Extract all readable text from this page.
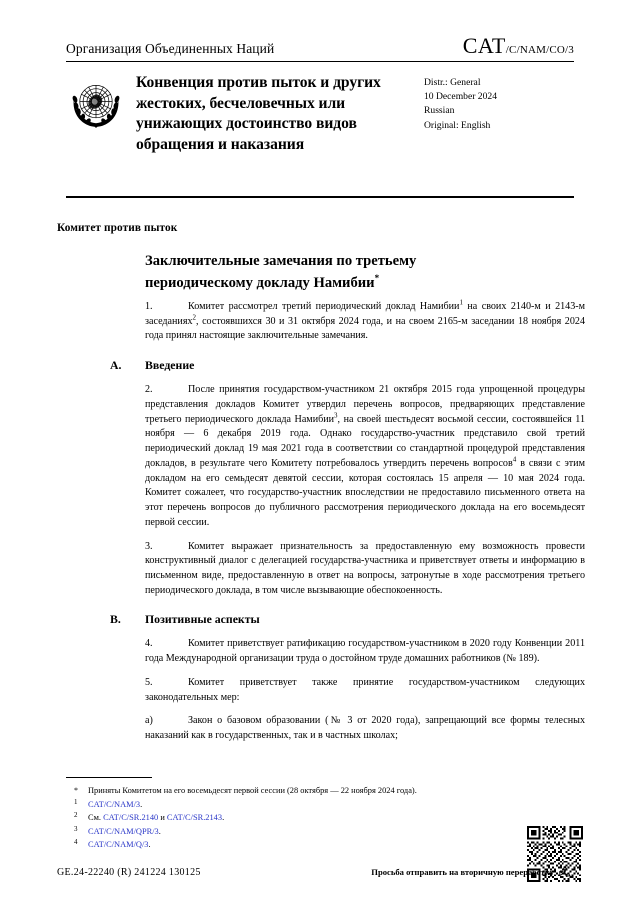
Организация Объединенных Наций	CAT/C/NAM/CO/3
Конвенция против пыток и других жестоких, бесчеловечных или унижающих достоинство видов обращения и наказания
Distr.: General
10 December 2024
Russian
Original: English
Комитет против пыток
Заключительные замечания по третьему периодическому докладу Намибии*

1.	Комитет рассмотрел третий периодический доклад Намибии$^1$ на своих 2140-м и 2143-м заседаниях$^2$, состоявшихся 30 и 31 октября 2024 года, и на своем 2165-м заседании 18 ноября 2024 года принял настоящие заключительные замечания.

A. Введение

2.	После принятия государством-участником 21 октября 2015 года упрощенной процедуры представления докладов Комитет утвердил перечень вопросов, предваряющих представление третьего периодического доклада Намибии$^3$, на своей шестьдесят восьмой сессии, состоявшейся 11 ноября — 6 декабря 2019 года. Однако государство-участник представило свой третий периодический доклад 19 мая 2021 года в соответствии со стандартной процедурой представления докладов, в результате чего Комитету потребовалось утвердить перечень вопросов$^4$ в связи с этим докладом на его семьдесят девятой сессии, которая состоялась 15 апреля — 10 мая 2024 года. Комитет сожалеет, что государство-участник впоследствии не предоставило письменного ответа на этот перечень вопросов до публичного рассмотрения периодического доклада на его восемьдесят первой сессии.

3.	Комитет выражает признательность за предоставленную ему возможность провести конструктивный диалог с делегацией государства-участника и приветствует ответы и информацию в письменном виде, предоставленную в ответ на вопросы, затронутые в ходе рассмотрения третьего периодического доклада, в том числе вызывающие обеспокоенность.

B. Позитивные аспекты

4.	Комитет приветствует ратификацию государством-участником в 2020 году Конвенции 2011 года Международной организации труда о достойном труде домашних работников (№ 189).

5.	Комитет приветствует также принятие государством-участником следующих законодательных мер:

a)	Закон о базовом образовании (№ 3 от 2020 года), запрещающий все формы телесных наказаний как в государственных, так и в частных школах;

* Приняты Комитетом на его восемьдесят первой сессии (28 октября — 22 ноября 2024 года).
1 CAT/C/NAM/3.
2 См. CAT/C/SR.2140 и CAT/C/SR.2143.
3 CAT/C/NAM/QPR/3.
4 CAT/C/NAM/Q/3.
GE.24-22240 (R) 241224 130125	Просьба отправить на вторичную переработку
